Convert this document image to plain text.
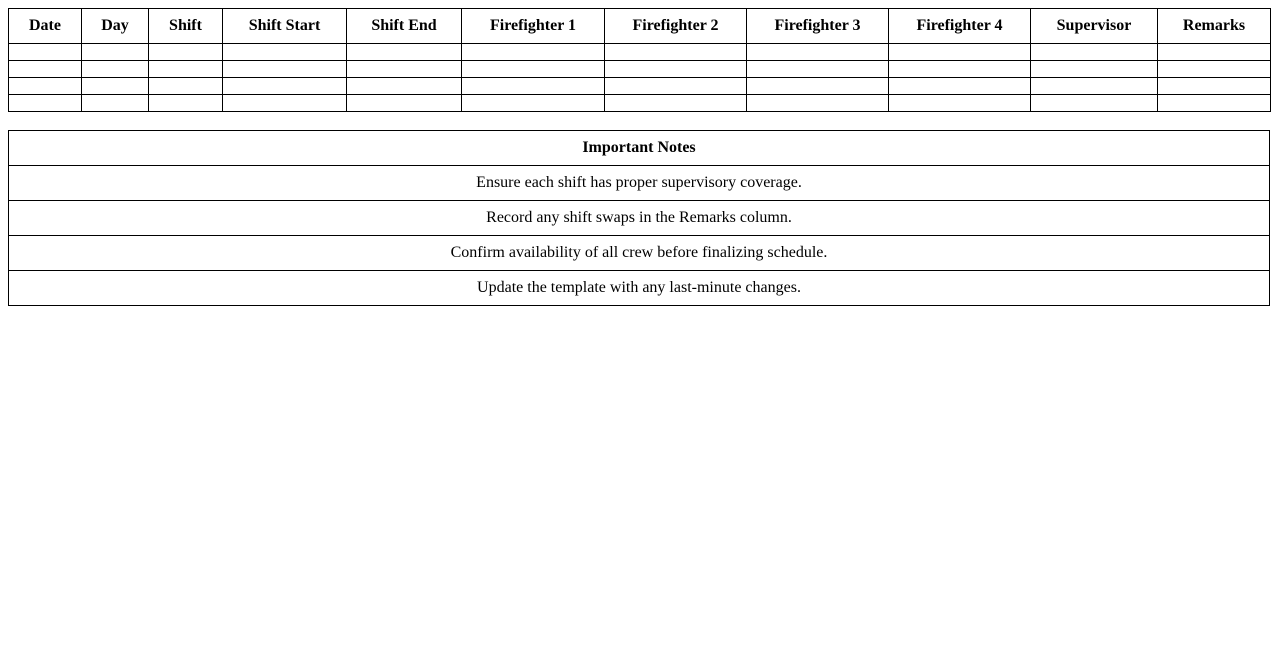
Date	Day	Shift	Shift Start	Shift End	Firefighter 1	Firefighter 2	Firefighter 3	Firefighter 4	Supervisor	Remarks

Important Notes
Ensure each shift has proper supervisory coverage.
Record any shift swaps in the Remarks column.
Confirm availability of all crew before finalizing schedule.
Update the template with any last-minute changes.
